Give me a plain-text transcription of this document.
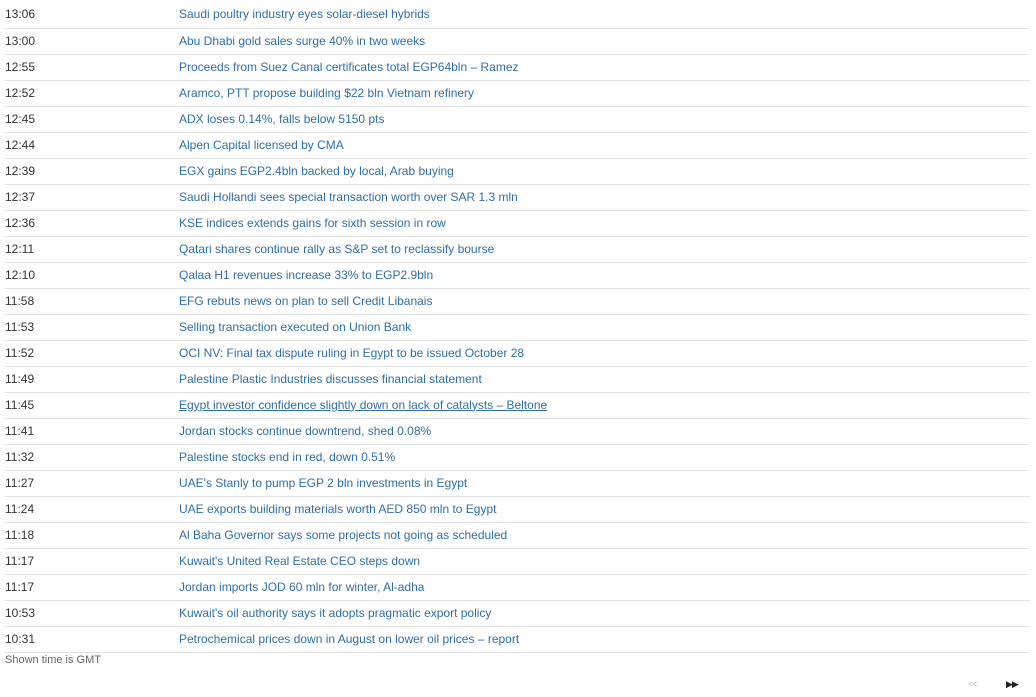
13:06	Saudi poultry industry eyes solar-diesel hybrids
13:00	Abu Dhabi gold sales surge 40% in two weeks
12:55	Proceeds from Suez Canal certificates total EGP64bln – Ramez
12:52	Aramco, PTT propose building $22 bln Vietnam refinery
12:45	ADX loses 0.14%, falls below 5150 pts
12:44	Alpen Capital licensed by CMA
12:39	EGX gains EGP2.4bln backed by local, Arab buying
12:37	Saudi Hollandi sees special transaction worth over SAR 1.3 mln
12:36	KSE indices extends gains for sixth session in row
12:11	Qatari shares continue rally as S&P set to reclassify bourse
12:10	Qalaa H1 revenues increase 33% to EGP2.9bln
11:58	EFG rebuts news on plan to sell Credit Libanais
11:53	Selling transaction executed on Union Bank
11:52	OCI NV: Final tax dispute ruling in Egypt to be issued October 28
11:49	Palestine Plastic Industries discusses financial statement
11:45	Egypt investor confidence slightly down on lack of catalysts – Beltone
11:41	Jordan stocks continue downtrend, shed 0.08%
11:32	Palestine stocks end in red, down 0.51%
11:27	UAE's Stanly to pump EGP 2 bln investments in Egypt
11:24	UAE exports building materials worth AED 850 mln to Egypt
11:18	Al Baha Governor says some projects not going as scheduled
11:17	Kuwait's United Real Estate CEO steps down
11:17	Jordan imports JOD 60 mln for winter, Al-adha
10:53	Kuwait's oil authority says it adopts pragmatic export policy
10:31	Petrochemical prices down in August on lower oil prices – report
Shown time is GMT
<<	▶▶
